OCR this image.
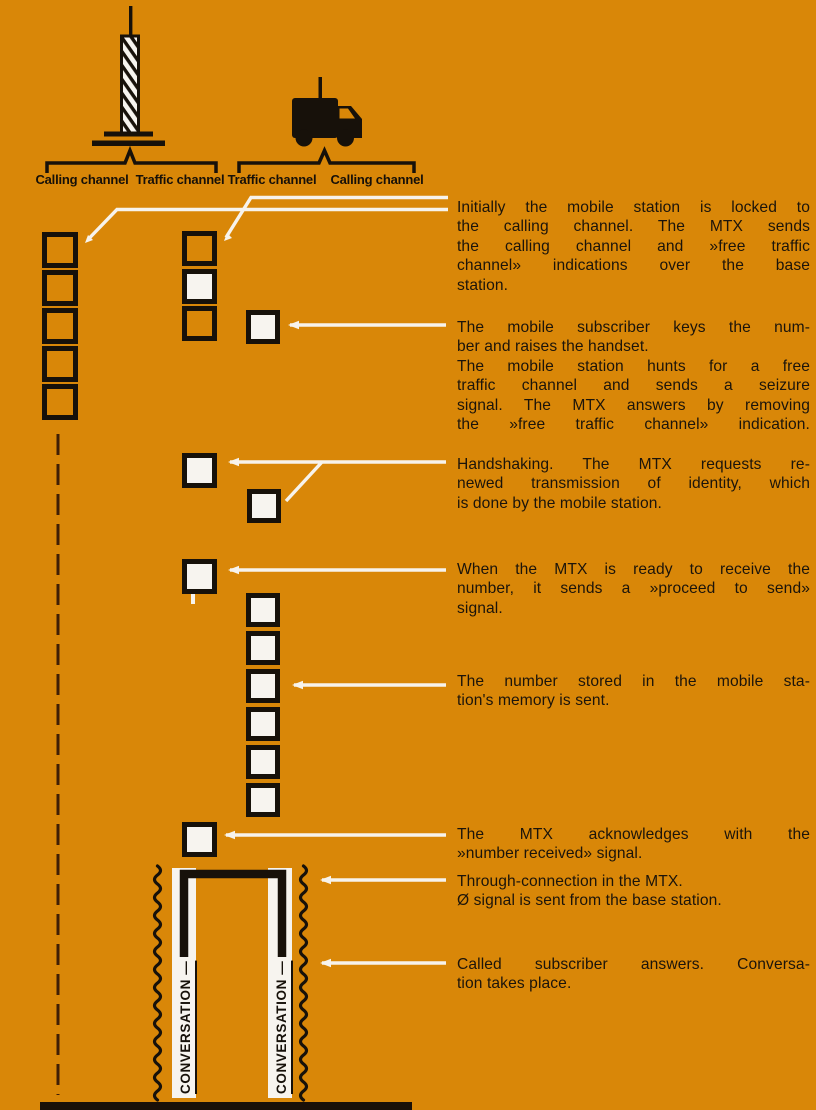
Calling channel Traffic channel Traffic channel Calling channel
Initially the mobile station is locked to
the calling channel. The MTX sends
the calling channel and »free traffic
channel» indications over the base
station.
The mobile subscriber keys the num-
ber and raises the handset.
The mobile station hunts for a free
traffic channel and sends a seizure
signal. The MTX answers by removing
the »free traffic channel» indication.
Handshaking. The MTX requests re-
newed transmission of identity, which
is done by the mobile station.
When the MTX is ready to receive the
number, it sends a »proceed to send»
signal.
The number stored in the mobile sta-
tion's memory is sent.
The MTX acknowledges with the
»number received» signal.
Through-connection in the MTX.
Ø signal is sent from the base station.
Called subscriber answers. Conversa-
tion takes place.
CONVERSATION —	CONVERSATION —
